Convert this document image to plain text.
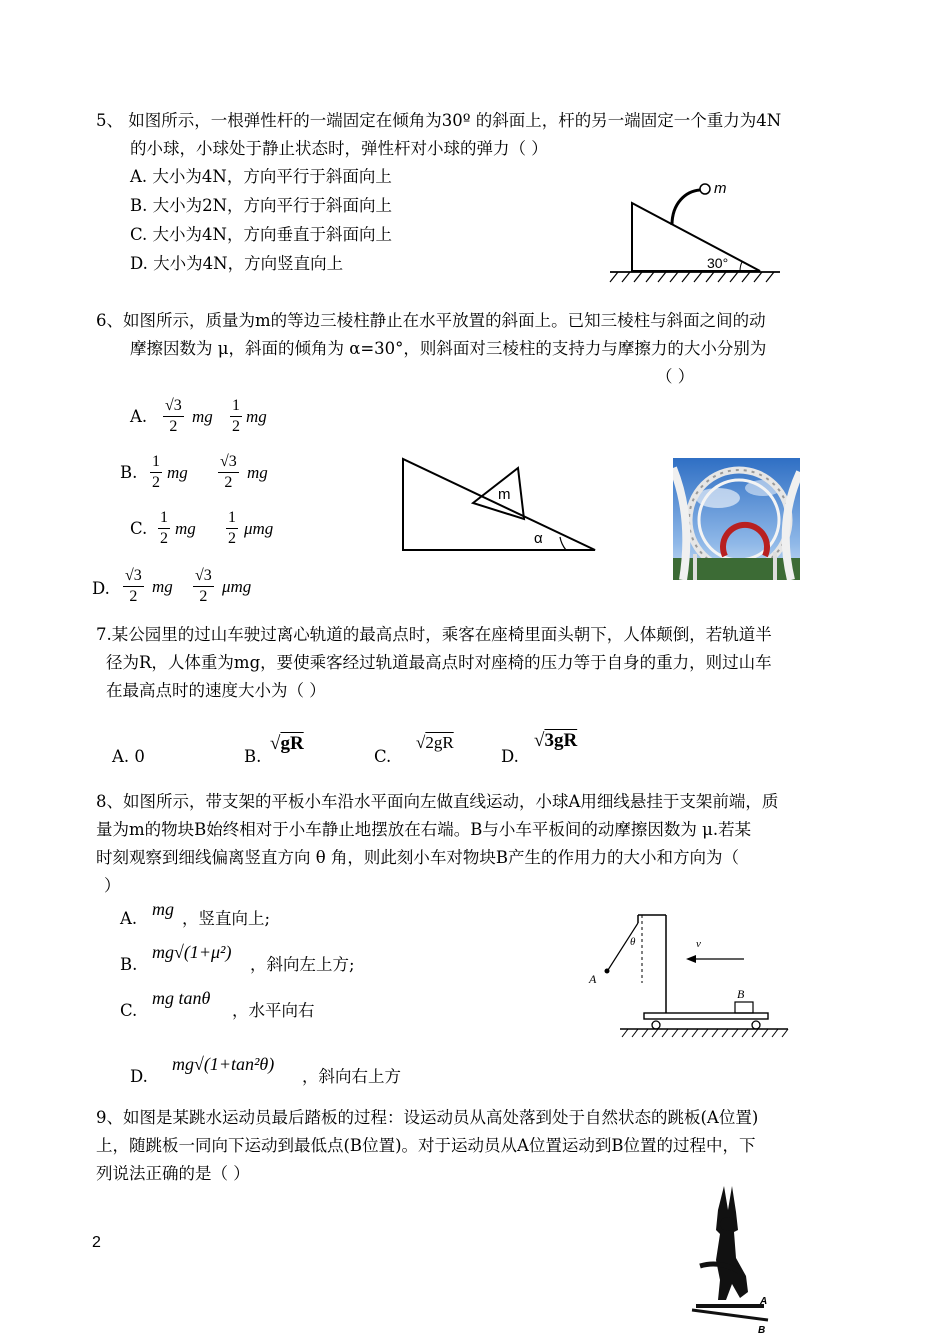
5、 如图所示，一根弹性杆的一端固定在倾角为30º 的斜面上，杆的另一端固定一个重力为4N
的小球，小球处于静止状态时，弹性杆对小球的弹力（ ）
A. 大小为4N，方向平行于斜面向上
B. 大小为2N，方向平行于斜面向上
C. 大小为4N，方向垂直于斜面向上
D. 大小为4N，方向竖直向上
m
30°
6、如图所示，质量为m的等边三棱柱静止在水平放置的斜面上。已知三棱柱与斜面之间的动
摩擦因数为 μ，斜面的倾角为 α=30°，则斜面对三棱柱的支持力与摩擦力的大小分别为
（ ）
A. $\frac{√3}{2}$ mg $\frac{1}{2}$ mg
B. $\frac{1}{2}$ mg $\frac{√3}{2}$ mg
C. $\frac{1}{2}$ mg $\frac{1}{2}$ μmg
D. $\frac{√3}{2}$ mg $\frac{√3}{2}$ μmg
m
α
7.某公园里的过山车驶过离心轨道的最高点时，乘客在座椅里面头朝下，人体颠倒，若轨道半
径为R，人体重为mg，要使乘客经过轨道最高点时对座椅的压力等于自身的重力，则过山车
在最高点时的速度大小为（ ）
A. 0	B.
√gR
C.
√2gR
D.
√3gR
8、如图所示，带支架的平板小车沿水平面向左做直线运动，小球A用细线悬挂于支架前端，质
量为m的物块B始终相对于小车静止地摆放在右端。B与小车平板间的动摩擦因数为 μ.若某
时刻观察到细线偏离竖直方向 θ 角，则此刻小车对物块B产生的作用力的大小和方向为（
）
A. mg ，竖直向上;
B.
mg√(1+μ²)
，斜向左上方;
C.
mg tanθ
，水平向右
D.
mg√(1+tan²θ)
，斜向右上方
A
θ	v
B
9、如图是某跳水运动员最后踏板的过程：设运动员从高处落到处于自然状态的跳板(A位置)
上，随跳板一同向下运动到最低点(B位置)。对于运动员从A位置运动到B位置的过程中，下
列说法正确的是（ ）
A
B
2
